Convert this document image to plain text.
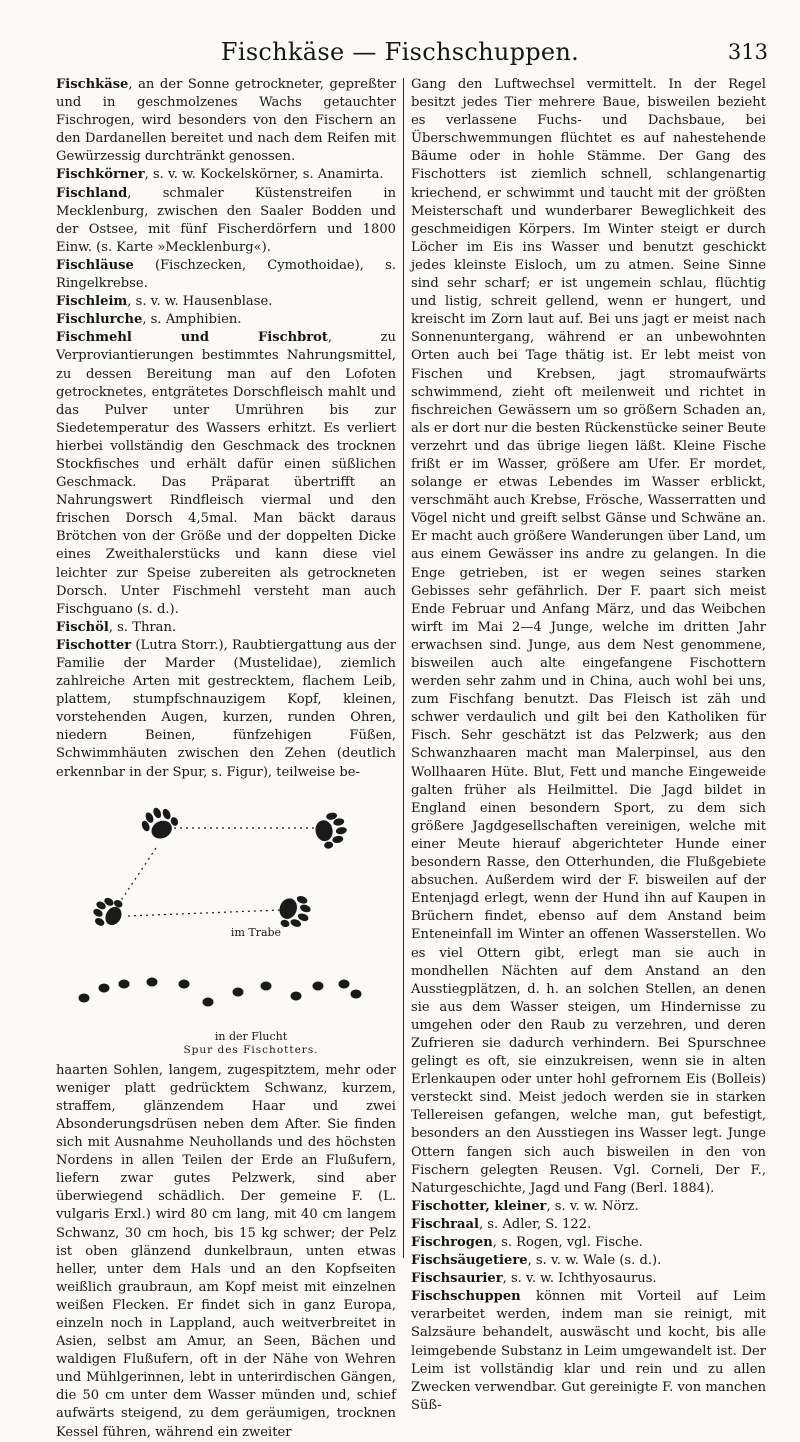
Fischkäse — Fischschuppen.	313

Fischkäse, an der Sonne getrockneter, gepreßter und in geschmolzenes Wachs getauchter Fischrogen, wird besonders von den Fischern an den Dardanellen bereitet und nach dem Reifen mit Gewürzessig durchtränkt genossen.

Fischkörner, s. v. w. Kockelskörner, s. Anamirta.

Fischland, schmaler Küstenstreifen in Mecklenburg, zwischen den Saaler Bodden und der Ostsee, mit fünf Fischerdörfern und 1800 Einw. (s. Karte »Mecklenburg«).

Fischläuse (Fischzecken, Cymothoidae), s. Ringelkrebse.

Fischleim, s. v. w. Hausenblase.

Fischlurche, s. Amphibien.

Fischmehl und Fischbrot, zu Verproviantierungen bestimmtes Nahrungsmittel, zu dessen Bereitung man auf den Lofoten getrocknetes, entgrätetes Dorschfleisch mahlt und das Pulver unter Umrühren bis zur Siedetemperatur des Wassers erhitzt. Es verliert hierbei vollständig den Geschmack des trocknen Stockfisches und erhält dafür einen süßlichen Geschmack. Das Präparat übertrifft an Nahrungswert Rindfleisch viermal und den frischen Dorsch 4,5mal. Man bäckt daraus Brötchen von der Größe und der doppelten Dicke eines Zweithalerstücks und kann diese viel leichter zur Speise zubereiten als getrockneten Dorsch. Unter Fischmehl versteht man auch Fischguano (s. d.).

Fischöl, s. Thran.

Fischotter (Lutra Storr.), Raubtiergattung aus der Familie der Marder (Mustelidae), ziemlich zahlreiche Arten mit gestrecktem, flachem Leib, plattem, stumpfschnauzigem Kopf, kleinen, vorstehenden Augen, kurzen, runden Ohren, niedern Beinen, fünfzehigen Füßen, Schwimmhäuten zwischen den Zehen (deutlich erkennbar in der Spur, s. Figur), teilweise be-

im Trabe
in der Flucht
Spur des Fischotters.

haarten Sohlen, langem, zugespitztem, mehr oder weniger platt gedrücktem Schwanz, kurzem, straffem, glänzendem Haar und zwei Absonderungsdrüsen neben dem After. Sie finden sich mit Ausnahme Neuhollands und des höchsten Nordens in allen Teilen der Erde an Flußufern, liefern zwar gutes Pelzwerk, sind aber überwiegend schädlich. Der gemeine F. (L. vulgaris Erxl.) wird 80 cm lang, mit 40 cm langem Schwanz, 30 cm hoch, bis 15 kg schwer; der Pelz ist oben glänzend dunkelbraun, unten etwas heller, unter dem Hals und an den Kopfseiten weißlich graubraun, am Kopf meist mit einzelnen weißen Flecken. Er findet sich in ganz Europa, einzeln noch in Lappland, auch weitverbreitet in Asien, selbst am Amur, an Seen, Bächen und waldigen Flußufern, oft in der Nähe von Wehren und Mühlgerinnen, lebt in unterirdischen Gängen, die 50 cm unter dem Wasser münden und, schief aufwärts steigend, zu dem geräumigen, trocknen Kessel führen, während ein zweiter

Gang den Luftwechsel vermittelt. In der Regel besitzt jedes Tier mehrere Baue, bisweilen bezieht es verlassene Fuchs- und Dachsbaue, bei Überschwemmungen flüchtet es auf nahestehende Bäume oder in hohle Stämme. Der Gang des Fischotters ist ziemlich schnell, schlangenartig kriechend, er schwimmt und taucht mit der größten Meisterschaft und wunderbarer Beweglichkeit des geschmeidigen Körpers. Im Winter steigt er durch Löcher im Eis ins Wasser und benutzt geschickt jedes kleinste Eisloch, um zu atmen. Seine Sinne sind sehr scharf; er ist ungemein schlau, flüchtig und listig, schreit gellend, wenn er hungert, und kreischt im Zorn laut auf. Bei uns jagt er meist nach Sonnenuntergang, während er an unbewohnten Orten auch bei Tage thätig ist. Er lebt meist von Fischen und Krebsen, jagt stromaufwärts schwimmend, zieht oft meilenweit und richtet in fischreichen Gewässern um so größern Schaden an, als er dort nur die besten Rückenstücke seiner Beute verzehrt und das übrige liegen läßt. Kleine Fische frißt er im Wasser, größere am Ufer. Er mordet, solange er etwas Lebendes im Wasser erblickt, verschmäht auch Krebse, Frösche, Wasserratten und Vögel nicht und greift selbst Gänse und Schwäne an. Er macht auch größere Wanderungen über Land, um aus einem Gewässer ins andre zu gelangen. In die Enge getrieben, ist er wegen seines starken Gebisses sehr gefährlich. Der F. paart sich meist Ende Februar und Anfang März, und das Weibchen wirft im Mai 2—4 Junge, welche im dritten Jahr erwachsen sind. Junge, aus dem Nest genommene, bisweilen auch alte eingefangene Fischottern werden sehr zahm und in China, auch wohl bei uns, zum Fischfang benutzt. Das Fleisch ist zäh und schwer verdaulich und gilt bei den Katholiken für Fisch. Sehr geschätzt ist das Pelzwerk; aus den Schwanzhaaren macht man Malerpinsel, aus den Wollhaaren Hüte. Blut, Fett und manche Eingeweide galten früher als Heilmittel. Die Jagd bildet in England einen besondern Sport, zu dem sich größere Jagdgesellschaften vereinigen, welche mit einer Meute hierauf abgerichteter Hunde einer besondern Rasse, den Otterhunden, die Flußgebiete absuchen. Außerdem wird der F. bisweilen auf der Entenjagd erlegt, wenn der Hund ihn auf Kaupen in Brüchern findet, ebenso auf dem Anstand beim Enteneinfall im Winter an offenen Wasserstellen. Wo es viel Ottern gibt, erlegt man sie auch in mondhellen Nächten auf dem Anstand an den Ausstiegplätzen, d. h. an solchen Stellen, an denen sie aus dem Wasser steigen, um Hindernisse zu umgehen oder den Raub zu verzehren, und deren Zufrieren sie dadurch verhindern. Bei Spurschnee gelingt es oft, sie einzukreisen, wenn sie in alten Erlenkaupen oder unter hohl gefrornem Eis (Bolleis) versteckt sind. Meist jedoch werden sie in starken Tellereisen gefangen, welche man, gut befestigt, besonders an den Ausstiegen ins Wasser legt. Junge Ottern fangen sich auch bisweilen in den von Fischern gelegten Reusen. Vgl. Corneli, Der F., Naturgeschichte, Jagd und Fang (Berl. 1884).

Fischotter, kleiner, s. v. w. Nörz.

Fischraal, s. Adler, S. 122.

Fischrogen, s. Rogen, vgl. Fische.

Fischsäugetiere, s. v. w. Wale (s. d.).

Fischsaurier, s. v. w. Ichthyosaurus.

Fischschuppen können mit Vorteil auf Leim verarbeitet werden, indem man sie reinigt, mit Salzsäure behandelt, auswäscht und kocht, bis alle leimgebende Substanz in Leim umgewandelt ist. Der Leim ist vollständig klar und rein und zu allen Zwecken verwendbar. Gut gereinigte F. von manchen Süß-
